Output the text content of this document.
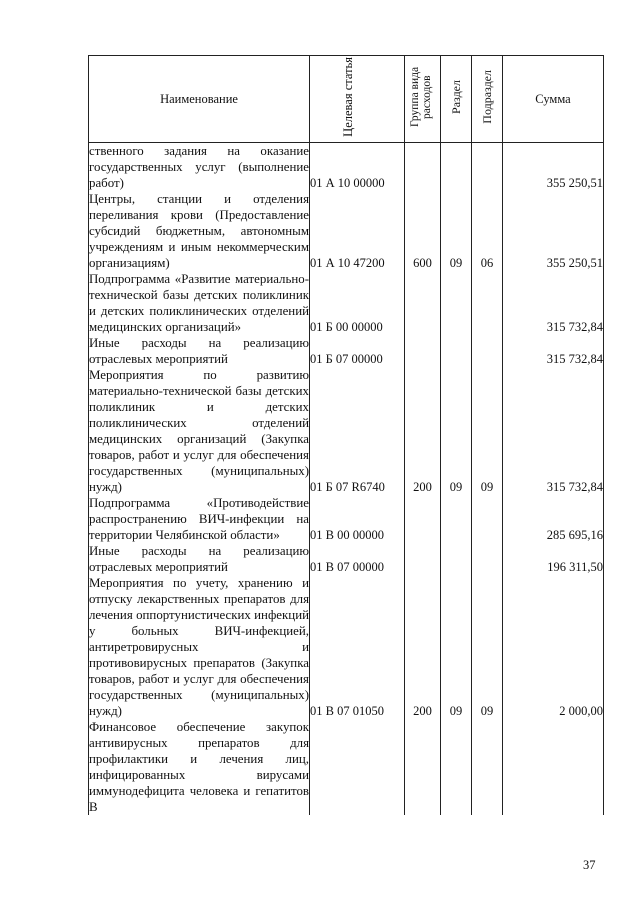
Наименование	Целевая статья	Группа вида расходов	Раздел	Подраздел	Сумма
ственного задания на оказание государственных услуг (выполнение работ)	01 А 10 00000				355 250,51
Центры, станции и отделения переливания крови (Предоставление субсидий бюджетным, автономным учреждениям и иным некоммерческим организациям)	01 А 10 47200	600	09	06	355 250,51
Подпрограмма «Развитие материально-технической базы детских поликлиник и детских поликлинических отделений медицинских организаций»	01 Б 00 00000				315 732,84
Иные расходы на реализацию отраслевых мероприятий	01 Б 07 00000				315 732,84
Мероприятия по развитию материально-технической базы детских поликлиник и детских поликлинических отделений медицинских организаций (Закупка товаров, работ и услуг для обеспечения государственных (муниципальных) нужд)	01 Б 07 R6740	200	09	09	315 732,84
Подпрограмма «Противодействие распространению ВИЧ-инфекции на территории Челябинской области»	01 В 00 00000				285 695,16
Иные расходы на реализацию отраслевых мероприятий	01 В 07 00000				196 311,50
Мероприятия по учету, хранению и отпуску лекарственных препаратов для лечения оппортунистических инфекций у больных ВИЧ-инфекцией, антиретровирусных и противовирусных препаратов (Закупка товаров, работ и услуг для обеспечения государственных (муниципальных) нужд)	01 В 07 01050	200	09	09	2 000,00
Финансовое обеспечение закупок антивирусных препаратов для профилактики и лечения лиц, инфицированных вирусами иммунодефицита человека и гепатитов В					
37
